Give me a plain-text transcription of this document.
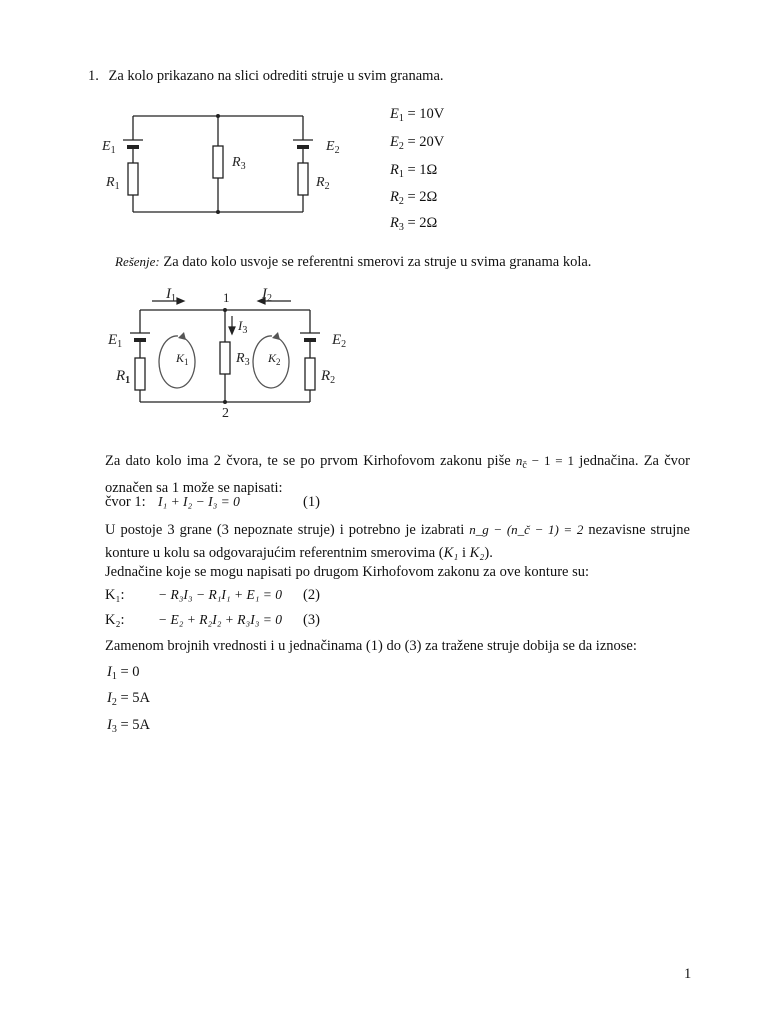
1. Za kolo prikazano na slici odrediti struje u svim granama.
$E_1 = 10V$
$E_2 = 20V$
$R_1 = 1\Omega$
$R_2 = 2\Omega$
$R_3 = 2\Omega$
$E_1$
$R_1$
$R_3$
$E_2$
$R_2$
Rešenje: Za dato kolo usvoje se referentni smerovi za struje u svima granama kola.
$I_1$	$I_2$
$I_3$
$E_1$
$R_1$
$R_3$
$E_2$
$R_2$
$K_1$	$K_2$
1
2
Za dato kolo ima 2 čvora, te se po prvom Kirhofovom zakonu piše $n_č - 1 = 1$ jednačina. Za čvor označen sa 1 može se napisati:
čvor 1: I₁ + I₂ − I₃ = 0	(1)
U postoje 3 grane (3 nepoznate struje) i potrebno je izabrati n_g − (n_č − 1) = 2 nezavisne strujne konture u kolu sa odgovarajućim referentnim smerovima (K₁ i K₂).
Jednačine koje se mogu napisati po drugom Kirhofovom zakonu za ove konture su:
K₁: − R₃I₃ − R₁I₁ + E₁ = 0 (2)
K₂: − E₂ + R₂I₂ + R₃I₃ = 0 (3)
Zamenom brojnih vrednosti i u jednačinama (1) do (3) za tražene struje dobija se da iznose:
$I_1 = 0$
$I_2 = 5A$
$I_3 = 5A$
1
